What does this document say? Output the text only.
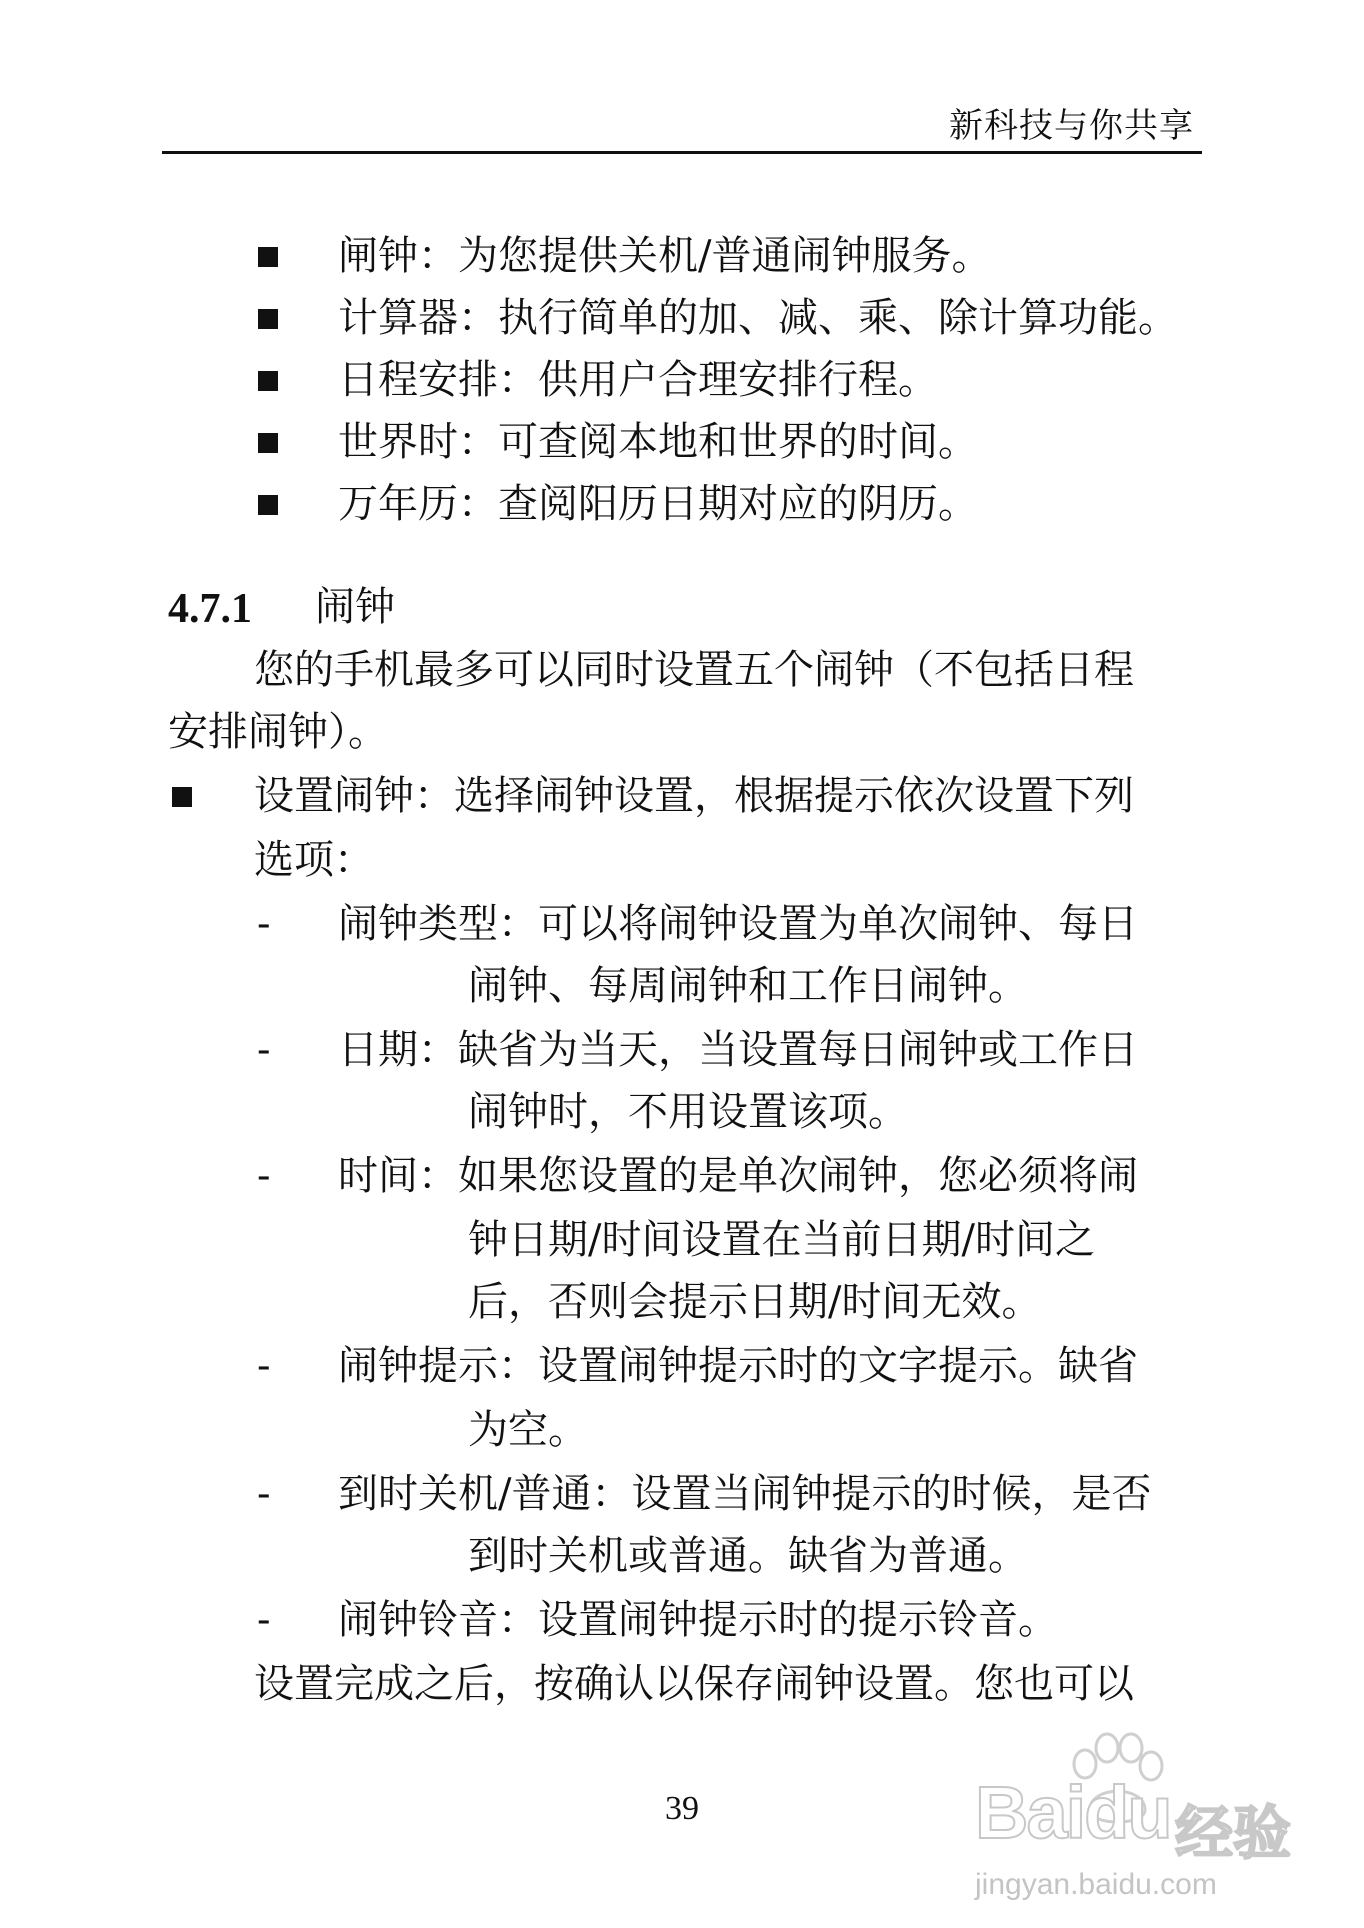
新科技与你共享
闸钟：为您提供关机/普通闹钟服务。
计算器：执行简单的加、减、乘、除计算功能。
日程安排：供用户合理安排行程。
世界时：可查阅本地和世界的时间。
万年历：查阅阳历日期对应的阴历。
4.7.1 闹钟
您的手机最多可以同时设置五个闹钟（不包括日程
安排闹钟）。
设置闹钟：选择闹钟设置，根据提示依次设置下列
选项：
- 闹钟类型：可以将闹钟设置为单次闹钟、每日
闹钟、每周闹钟和工作日闹钟。
- 日期：缺省为当天，当设置每日闹钟或工作日
闹钟时，不用设置该项。
- 时间：如果您设置的是单次闹钟，您必须将闹
钟日期/时间设置在当前日期/时间之
后，否则会提示日期/时间无效。
- 闹钟提示：设置闹钟提示时的文字提示。缺省
为空。
- 到时关机/普通：设置当闹钟提示的时候，是否
到时关机或普通。缺省为普通。
- 闹钟铃音：设置闹钟提示时的提示铃音。
设置完成之后，按确认以保存闹钟设置。您也可以
39	Baidu 经验
jingyan.baidu.com
